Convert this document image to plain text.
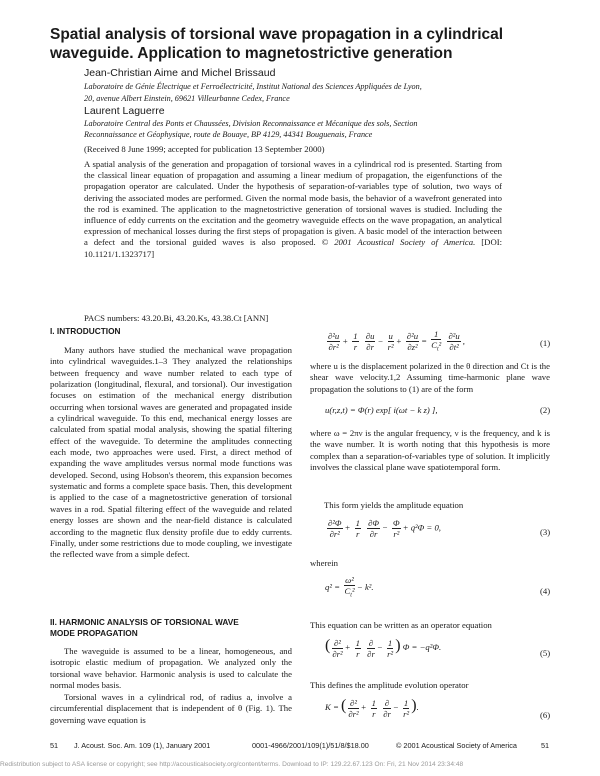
Spatial analysis of torsional wave propagation in a cylindrical waveguide. Application to magnetostrictive generation
Jean-Christian Aime and Michel Brissaud
Laboratoire de Génie Électrique et Ferroélectricité, Institut National des Sciences Appliquées de Lyon,
20, avenue Albert Einstein, 69621 Villeurbanne Cedex, France
Laurent Laguerre
Laboratoire Central des Ponts et Chaussées, Division Reconnaissance et Mécanique des sols, Section
Reconnaissance et Géophysique, route de Bouaye, BP 4129, 44341 Bouguenais, France
(Received 8 June 1999; accepted for publication 13 September 2000)
A spatial analysis of the generation and propagation of torsional waves in a cylindrical rod is presented. Starting from the classical linear equation of propagation and assuming a linear medium of propagation, the eigenfunctions of the propagation operator are calculated. Under the hypothesis of separation-of-variables type of solution, two ways of deriving the associated modes are performed. Given the normal mode basis, the behavior of a wavefront generated into the rod is examined. The application to the magnetostrictive generation of torsional waves is studied. Including the influence of eddy currents on the excitation and the geometry waveguide effects on the wave propagation, an analytical expression of mechanical losses during the first steps of propagation is given. A basic model of the interaction between a defect and the torsional guided waves is also proposed. © 2001 Acoustical Society of America. [DOI: 10.1121/1.1323717]
PACS numbers: 43.20.Bi, 43.20.Ks, 43.38.Ct [ANN]
I. INTRODUCTION
Many authors have studied the mechanical wave propagation into cylindrical waveguides.1–3 They analyzed the relationships between frequency and wave number related to each type of polarization (longitudinal, flexural, and torsional). Our investigation focuses on estimation of the mechanical energy distribution occurring when torsional waves are generated and propagated inside a cylindrical waveguide. To this end, mechanical energy losses are calculated from spatial modal analysis, showing the spatial filtering effect of the waveguide. To determine the amplitudes connecting each mode, two approaches were used. First, a direct method of expanding the wave amplitudes versus normal mode functions was developed. Second, using Hobson's theorem, this expansion becomes systematic and forms a complete space basis. Then, this development is applied to the case of a magnetostrictive generation of torsional waves in a rod. Spatial filtering effect of the waveguide and related energy losses are shown and the near-field distance is calculated according to the magnetic flux density profile due to eddy currents. Finally, under some restrictions due to mode coupling, we investigate the reflected wave from a simple defect.
II. HARMONIC ANALYSIS OF TORSIONAL WAVE
MODE PROPAGATION
The waveguide is assumed to be a linear, homogeneous, and isotropic elastic medium of propagation. We analyzed only the torsional wave behavior. Harmonic analysis is used to calculate the normal modes basis.
Torsional waves in a cylindrical rod, of radius a, involve a circumferential displacement that is independent of θ (Fig. 1). The governing wave equation is
$\frac{\text{∂²u}}{\text{∂r²}} + \frac{1}{r}$
$\frac{\partial u}{\partial r} - \frac{u}{\text{r²}} + \frac{\text{∂²u}}{\text{∂z²}} = \frac{1}{C_t^2}$
$\frac{\text{∂²u}}{\text{∂t²}}$ ,	(1)
where u is the displacement polarized in the θ direction and Ct is the shear wave velocity.1,2 Assuming time-harmonic plane wave propagation the solutions to (1) are of the form
u(r,z,t) = Φ(r) exp[ i(ωt − k z) ],	(2)
where ω = 2πν is the angular frequency, ν is the frequency, and k is the wave number. It is worth noting that this hypothesis is more complex than a separation-of-variables type of solution. It implicitly involves the classical plane wave spatiotemporal form.
This form yields the amplitude equation
$\frac{\text{∂²Φ}}{\text{∂r²}} + \frac{1}{r}$
$\frac{\partial\Phi}{\partial r} - \frac{\Phi}{\text{r²}} + q^2\Phi = 0$,	(3)
wherein
$q^2 = \frac{\text{ω²}}{C_t^2} - k^2$.	(4)
This equation can be written as an operator equation
( $\frac{\text{∂²}}{\text{∂r²}} + \frac{1}{r}$
$\frac{\partial}{\partial r} - \frac{1}{\text{r²}}$ ) Φ = −q²Φ.
(5)
This defines the amplitude evolution operator
K = ( $\frac{\text{∂²}}{\text{∂r²}} + \frac{1}{r}$
$\frac{\partial}{\partial r} - \frac{1}{\text{r²}}$ ).
(6)
51 J. Acoust. Soc. Am. 109 (1), January 2001	0001-4966/2001/109(1)/51/8/$18.00	© 2001 Acoustical Society of America	51
Redistribution subject to ASA license or copyright; see http://acousticalsociety.org/content/terms. Download to IP: 129.22.67.123 On: Fri, 21 Nov 2014 23:34:48
